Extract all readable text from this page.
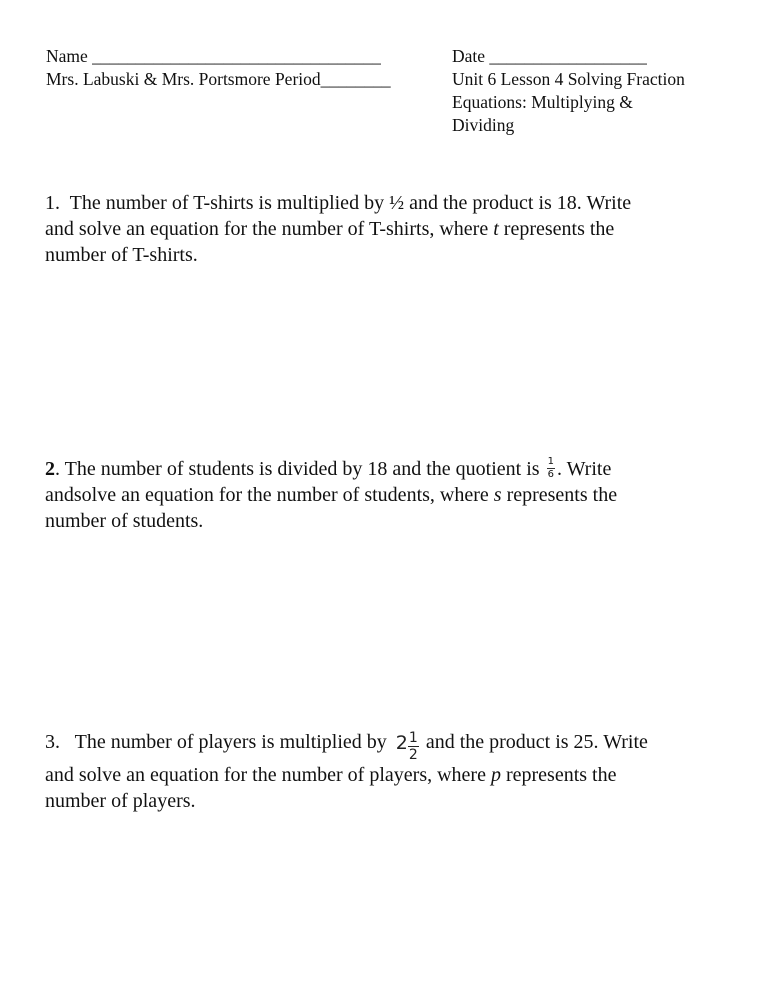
Name _________________________________
Mrs. Labuski & Mrs. Portsmore Period________
Date __________________
Unit 6 Lesson 4 Solving Fraction
Equations: Multiplying &
Dividing
1.  The number of T-shirts is multiplied by ½ and the product is 18. Write
and solve an equation for the number of T-shirts, where t represents the
number of T-shirts.
2. The number of students is divided by 18 and the quotient is $\frac{1}{6}$ . Write
andsolve an equation for the number of students, where s represents the
number of students.
3.   The number of players is multiplied by $2 \frac{1}{2}$ and the product is 25. Write
and solve an equation for the number of players, where p represents the
number of players.
